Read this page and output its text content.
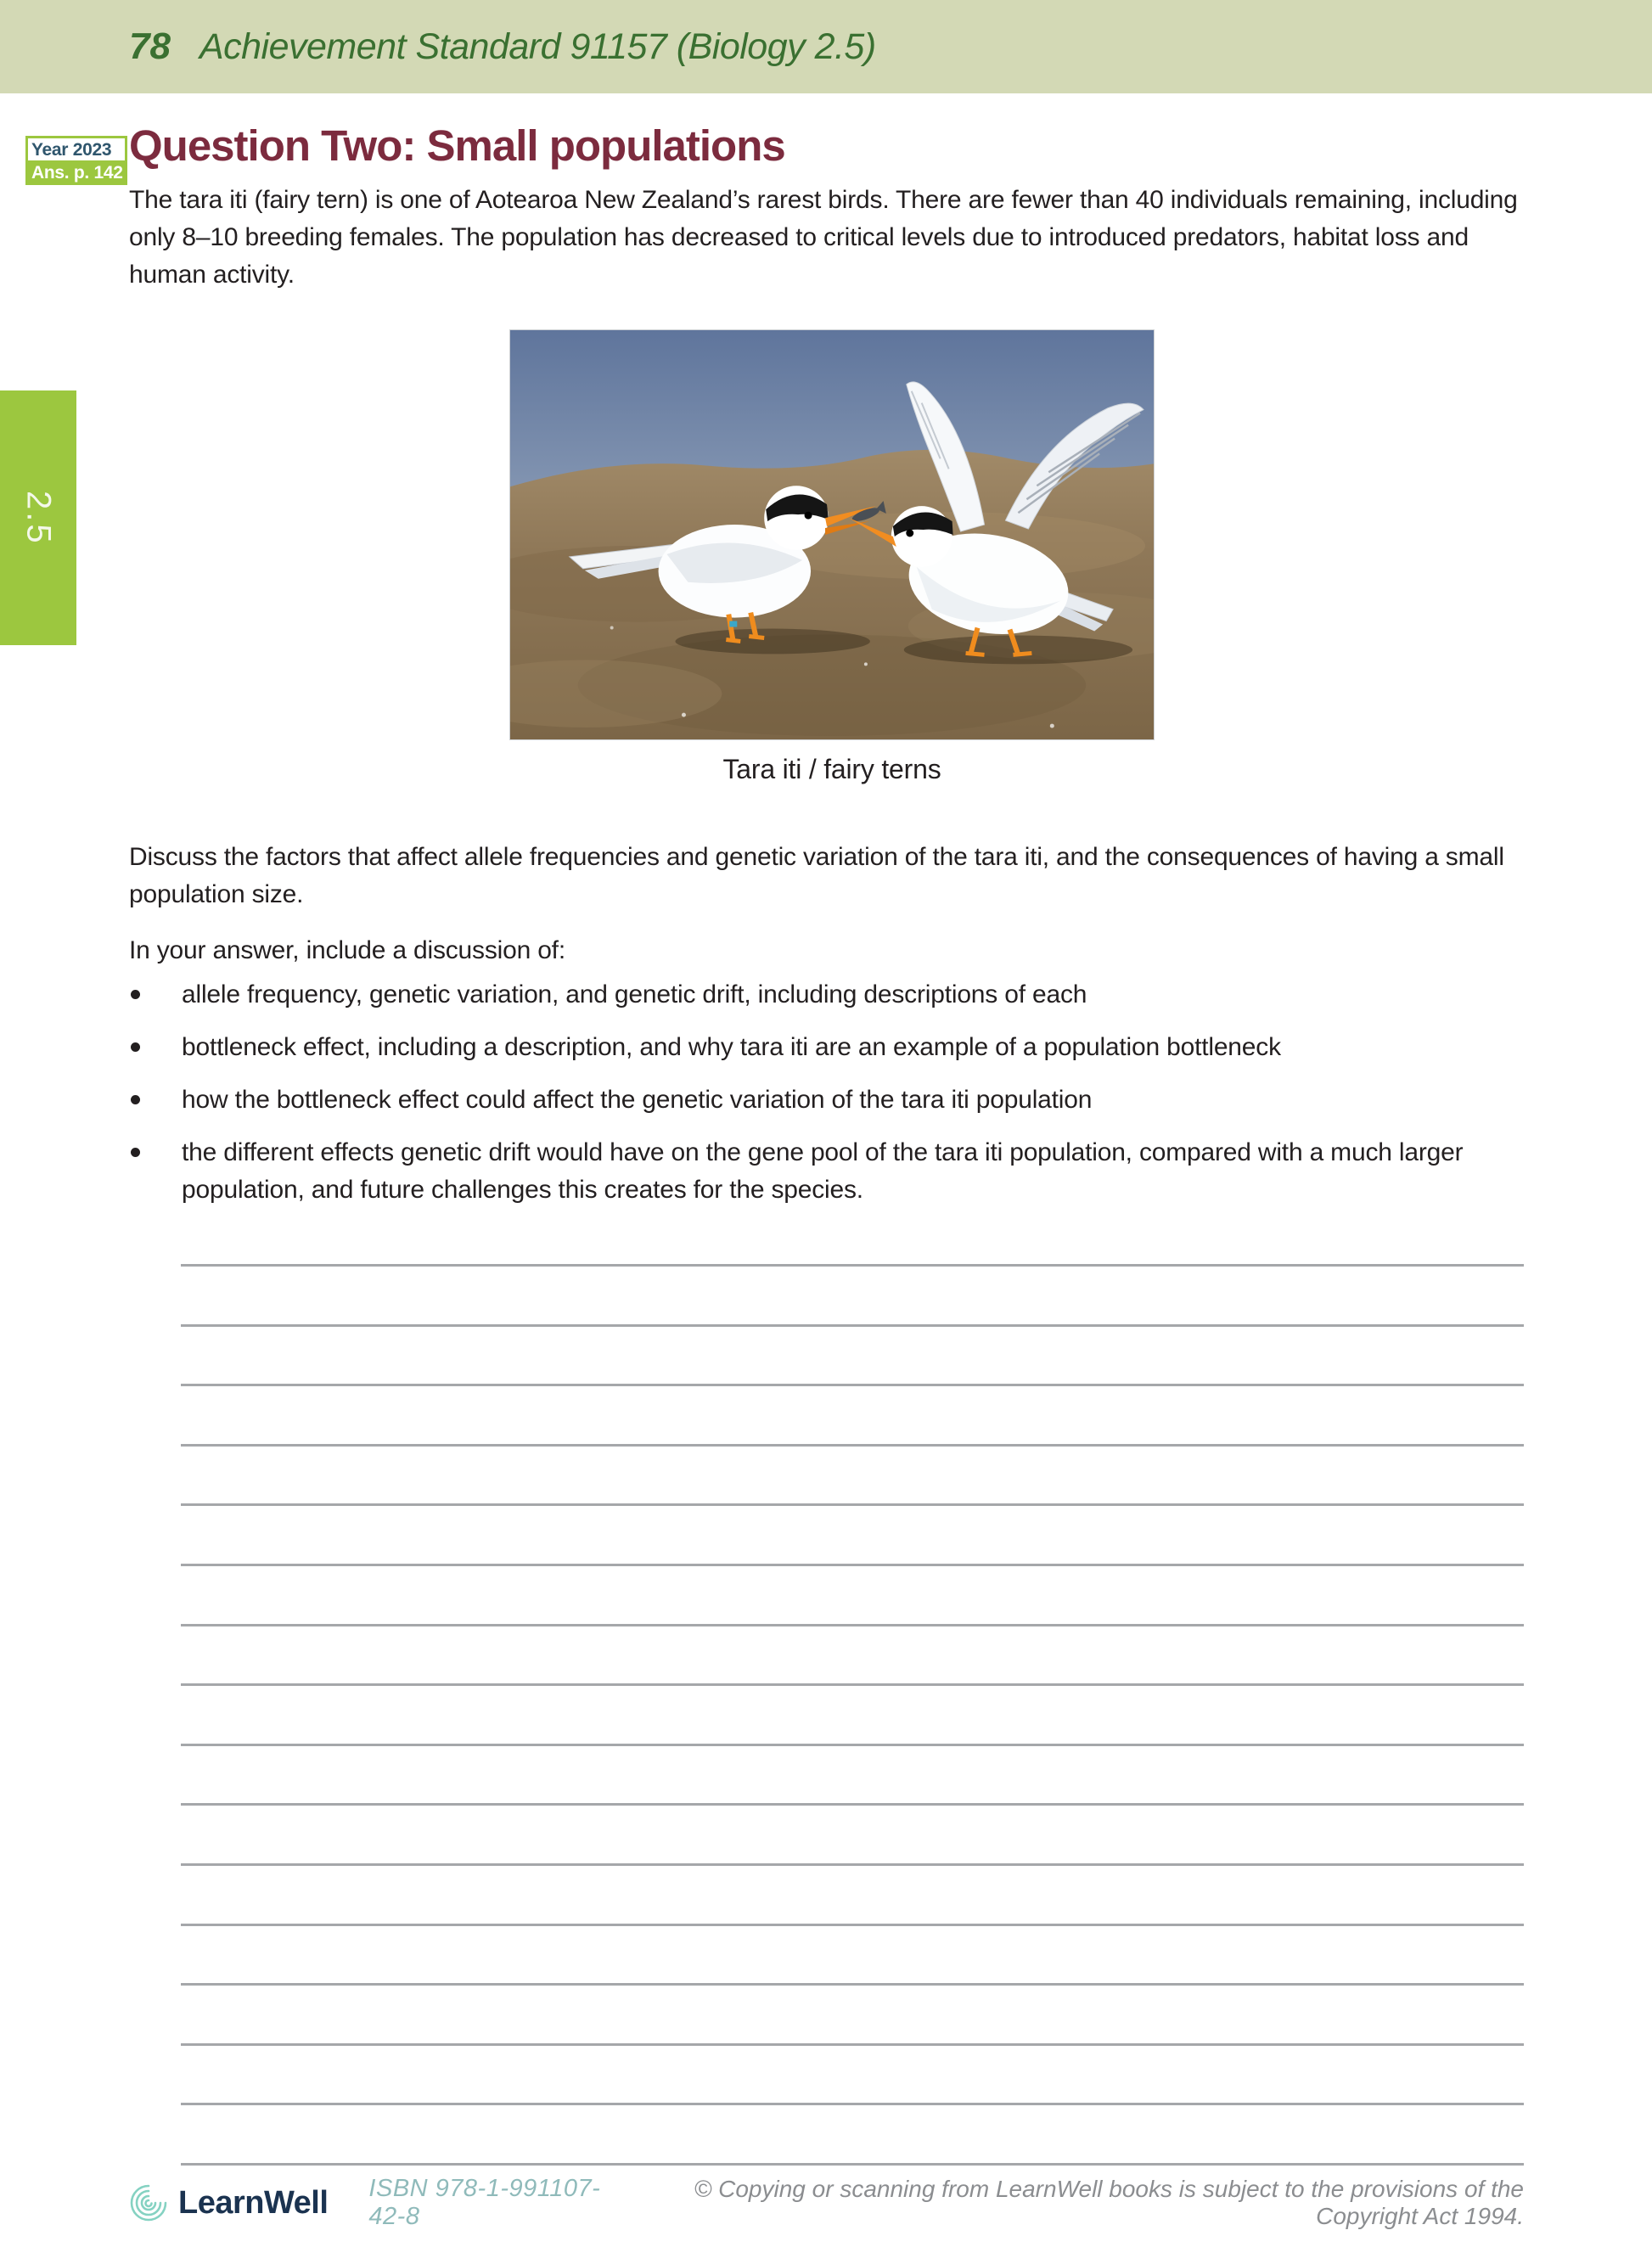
78 Achievement Standard 91157 (Biology 2.5)
Year 2023
Ans. p. 142
2.5
Question Two: Small populations

The tara iti (fairy tern) is one of Aotearoa New Zealand’s rarest birds. There are fewer than 40 individuals remaining, including only 8–10 breeding females. The population has decreased to critical levels due to introduced predators, habitat loss and human activity.

Tara iti / fairy terns

Discuss the factors that affect allele frequencies and genetic variation of the tara iti, and the consequences of having a small population size.

In your answer, include a discussion of:

allele frequency, genetic variation, and genetic drift, including descriptions of each
bottleneck effect, including a description, and why tara iti are an example of a population bottleneck
how the bottleneck effect could affect the genetic variation of the tara iti population
the different effects genetic drift would have on the gene pool of the tara iti population, compared with a much larger population, and future challenges this creates for the species.
LearnWell ISBN 978-1-991107-42-8
© Copying or scanning from LearnWell books is subject to the provisions of the Copyright Act 1994.
